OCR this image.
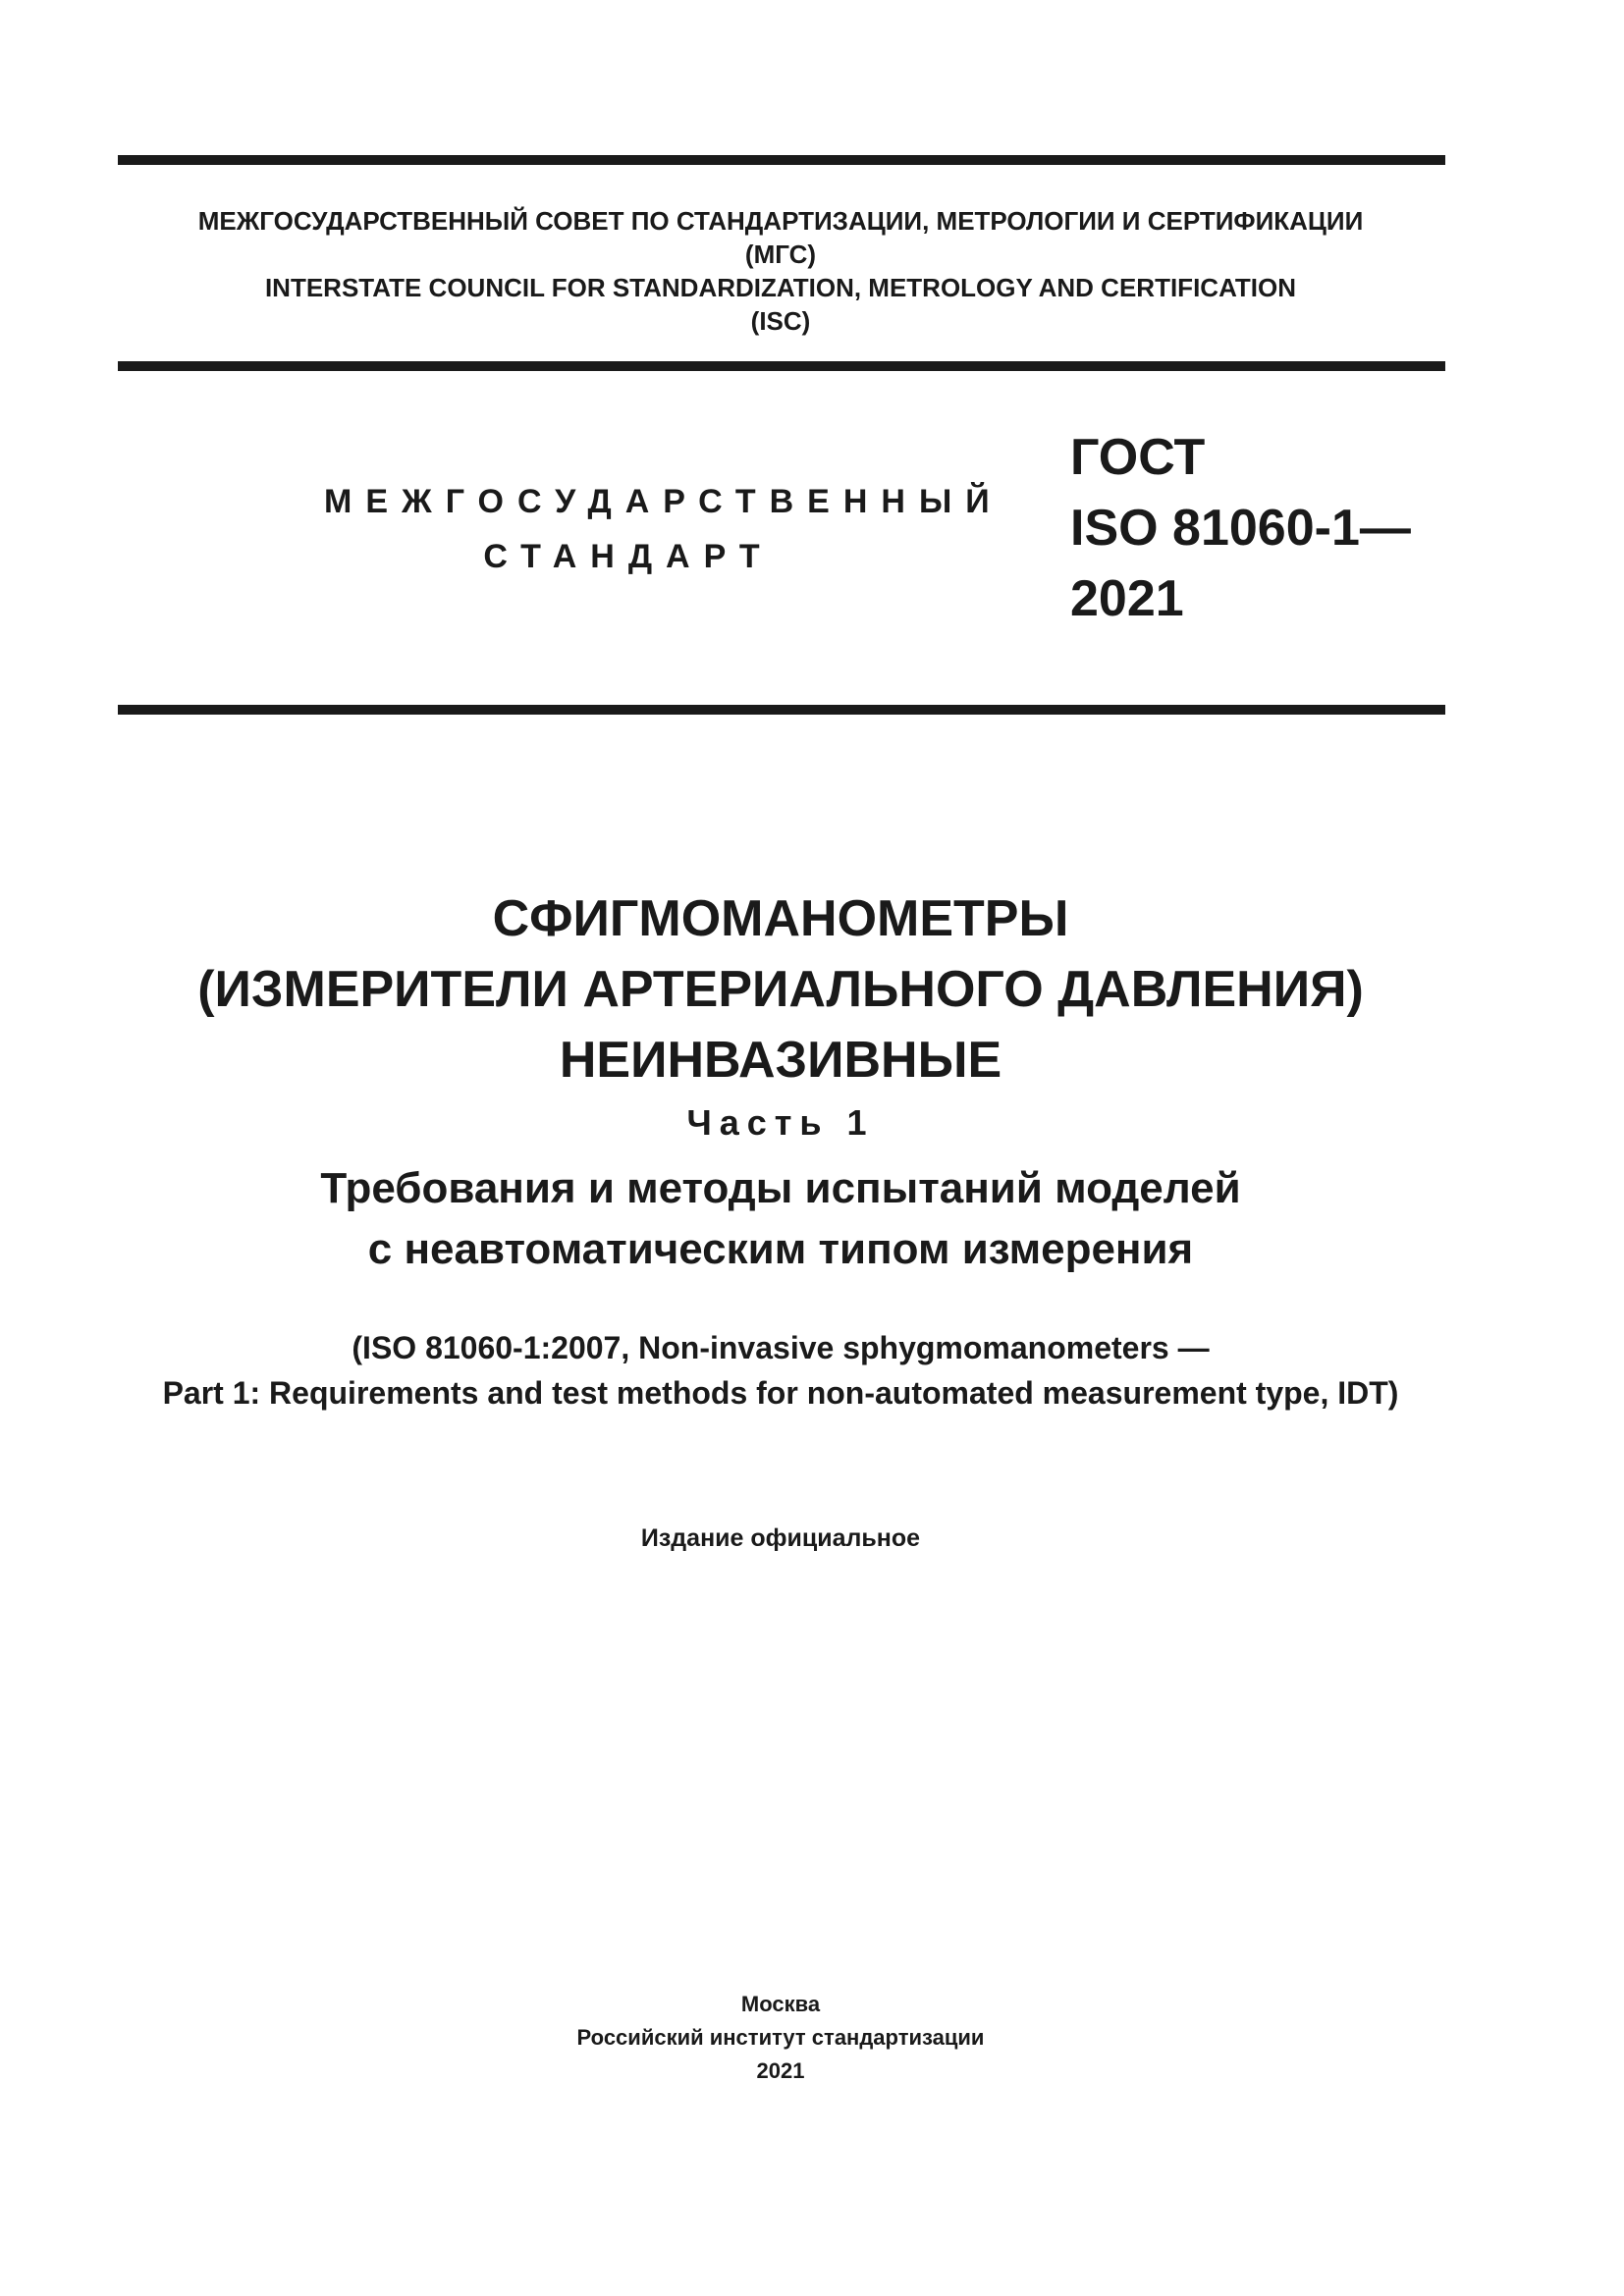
МЕЖГОСУДАРСТВЕННЫЙ СОВЕТ ПО СТАНДАРТИЗАЦИИ, МЕТРОЛОГИИ И СЕРТИФИКАЦИИ
(МГС)
INTERSTATE COUNCIL FOR STANDARDIZATION, METROLOGY AND CERTIFICATION
(ISC)
МЕЖГОСУДАРСТВЕННЫЙ
СТАНДАРТ
ГОСТ
ISO 81060-1—
2021
СФИГМОМАНОМЕТРЫ
(ИЗМЕРИТЕЛИ АРТЕРИАЛЬНОГО ДАВЛЕНИЯ)
НЕИНВАЗИВНЫЕ
Часть 1
Требования и методы испытаний моделей
с неавтоматическим типом измерения
(ISO 81060-1:2007, Non-invasive sphygmomanometers —
Part 1: Requirements and test methods for non-automated measurement type, IDT)
Издание официальное
Москва
Российский институт стандартизации
2021
